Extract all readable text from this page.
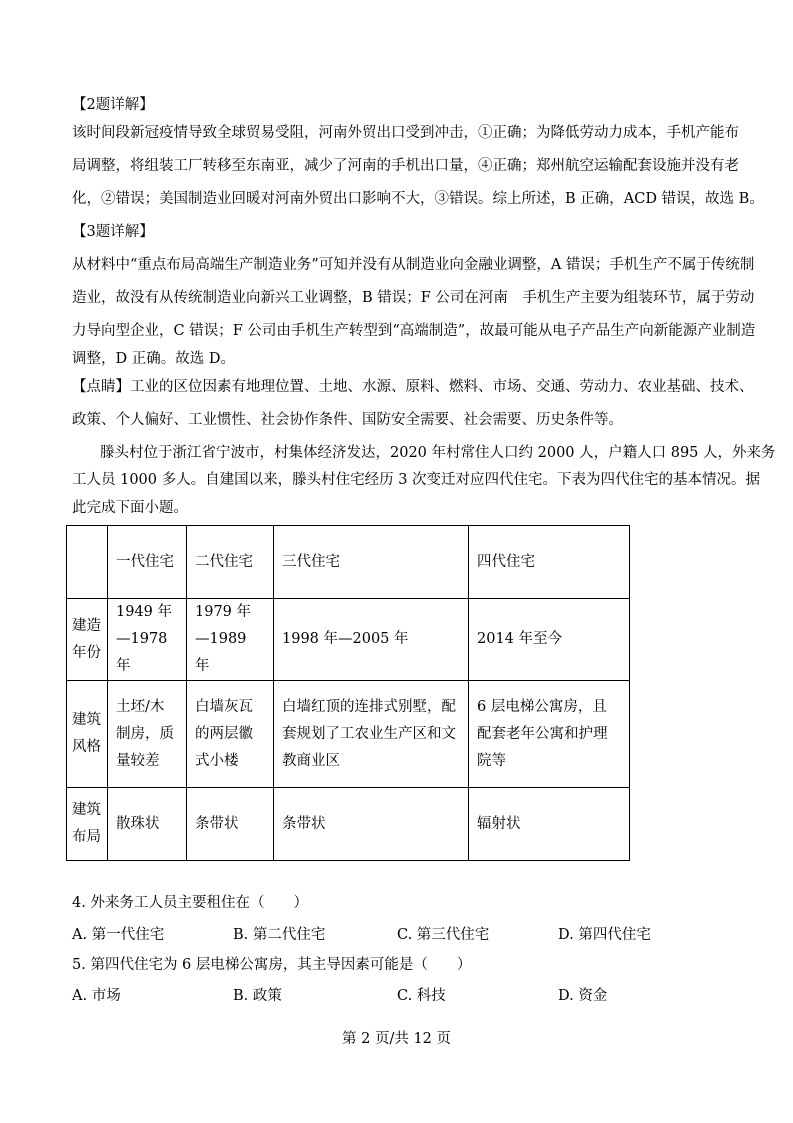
【2题详解】
该时间段新冠疫情导致全球贸易受阻，河南外贸出口受到冲击，①正确；为降低劳动力成本，手机产能布
局调整，将组装工厂转移至东南亚，减少了河南的手机出口量，④正确；郑州航空运输配套设施并没有老
化，②错误；美国制造业回暖对河南外贸出口影响不大，③错误。综上所述，B 正确，ACD 错误，故选 B。
【3题详解】
从材料中“重点布局高端生产制造业务”可知并没有从制造业向金融业调整，A 错误；手机生产不属于传统制
造业，故没有从传统制造业向新兴工业调整，B 错误；F 公司在河南　手机生产主要为组装环节，属于劳动
力导向型企业，C 错误；F 公司由手机生产转型到“高端制造”，故最可能从电子产品生产向新能源产业制造
调整，D 正确。故选 D。
【点睛】工业的区位因素有地理位置、土地、水源、原料、燃料、市场、交通、劳动力、农业基础、技术、
政策、个人偏好、工业惯性、社会协作条件、国防安全需要、社会需要、历史条件等。
滕头村位于浙江省宁波市，村集体经济发达，2020 年村常住人口约 2000 人，户籍人口 895 人，外来务
工人员 1000 多人。自建国以来，滕头村住宅经历 3 次变迁对应四代住宅。下表为四代住宅的基本情况。据
此完成下面小题。
	一代住宅	二代住宅	三代住宅	四代住宅
建造年份	1949 年—1978 年	1979 年—1989 年	1998 年—2005 年	2014 年至今
建筑风格	土坯/木制房，质量较差	白墙灰瓦的两层徽式小楼	白墙红顶的连排式别墅，配套规划了工农业生产区和文教商业区	6 层电梯公寓房，且配套老年公寓和护理院等
建筑布局	散珠状	条带状	条带状	辐射状
4. 外来务工人员主要租住在（　　）
A. 第一代住宅	B. 第二代住宅	C. 第三代住宅	D. 第四代住宅
5. 第四代住宅为 6 层电梯公寓房，其主导因素可能是（　　）
A. 市场	B. 政策	C. 科技	D. 资金
第 2 页/共 12 页
